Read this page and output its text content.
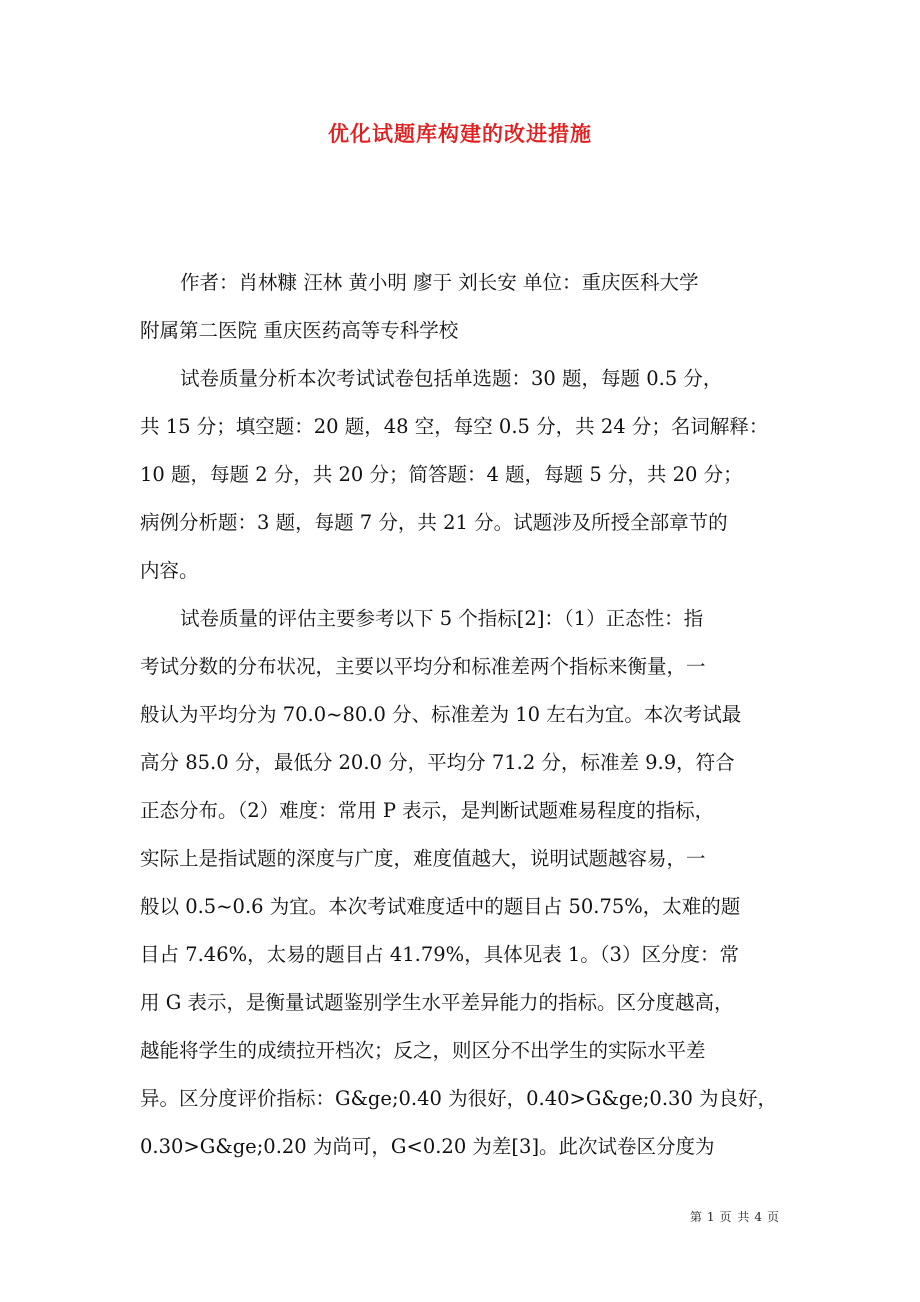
优化试题库构建的改进措施
作者：肖林糠 汪林 黄小明 廖于 刘长安 单位：重庆医科大学
附属第二医院 重庆医药高等专科学校
试卷质量分析本次考试试卷包括单选题：30 题，每题 0.5 分，
共 15 分；填空题：20 题，48 空，每空 0.5 分，共 24 分；名词解释：
10 题，每题 2 分，共 20 分；简答题：4 题，每题 5 分，共 20 分；
病例分析题：3 题，每题 7 分，共 21 分。试题涉及所授全部章节的
内容。
试卷质量的评估主要参考以下 5 个指标[2]：（1）正态性：指
考试分数的分布状况，主要以平均分和标准差两个指标来衡量，一
般认为平均分为 70.0~80.0 分、标准差为 10 左右为宜。本次考试最
高分 85.0 分，最低分 20.0 分，平均分 71.2 分，标准差 9.9，符合
正态分布。（2）难度：常用 P 表示，是判断试题难易程度的指标，
实际上是指试题的深度与广度，难度值越大，说明试题越容易，一
般以 0.5~0.6 为宜。本次考试难度适中的题目占 50.75%，太难的题
目占 7.46%，太易的题目占 41.79%，具体见表 1。（3）区分度：常
用 G 表示，是衡量试题鉴别学生水平差异能力的指标。区分度越高，
越能将学生的成绩拉开档次；反之，则区分不出学生的实际水平差
异。区分度评价指标：G&ge;0.40 为很好，0.40>G&ge;0.30 为良好，
0.30>G&ge;0.20 为尚可，G<0.20 为差[3]。此次试卷区分度为
第 1 页 共 4 页
